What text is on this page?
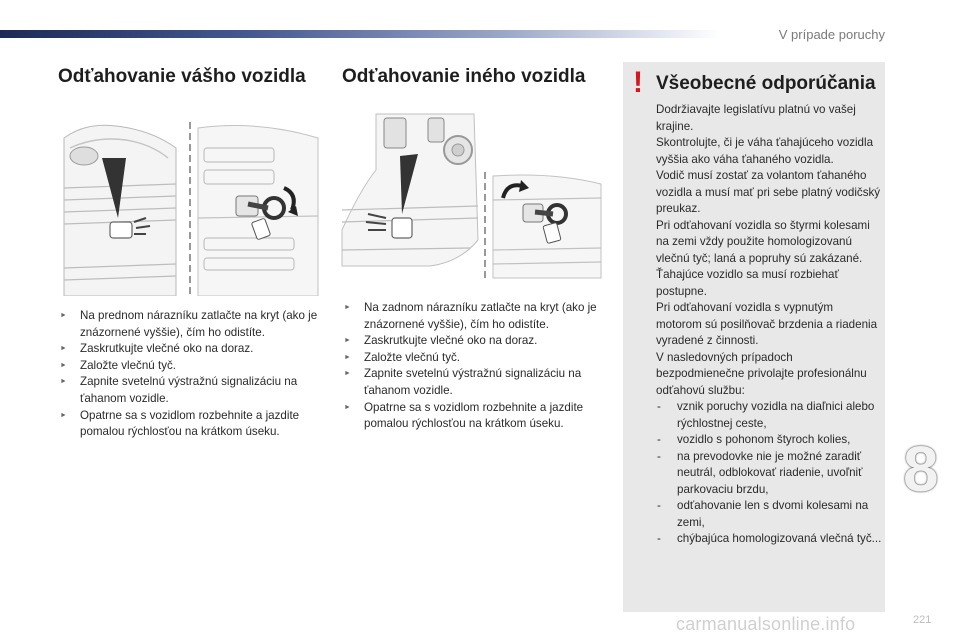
V prípade poruchy
Odťahovanie vášho vozidla
► Na prednom nárazníku zatlačte na kryt (ako je znázornené vyššie), čím ho odistíte.
► Zaskrutkujte vlečné oko na doraz.
► Založte vlečnú tyč.
► Zapnite svetelnú výstražnú signalizáciu na ťahanom vozidle.
► Opatrne sa s vozidlom rozbehnite a jazdite pomalou rýchlosťou na krátkom úseku.
Odťahovanie iného vozidla
► Na zadnom nárazníku zatlačte na kryt (ako je znázornené vyššie), čím ho odistíte.
► Zaskrutkujte vlečné oko na doraz.
► Založte vlečnú tyč.
► Zapnite svetelnú výstražnú signalizáciu na ťahanom vozidle.
► Opatrne sa s vozidlom rozbehnite a jazdite pomalou rýchlosťou na krátkom úseku.
! Všeobecné odporúčania
Dodržiavajte legislatívu platnú vo vašej krajine.
Skontrolujte, či je váha ťahajúceho vozidla vyššia ako váha ťahaného vozidla.
Vodič musí zostať za volantom ťahaného vozidla a musí mať pri sebe platný vodičský preukaz.
Pri odťahovaní vozidla so štyrmi kolesami na zemi vždy použite homologizovanú vlečnú tyč; laná a popruhy sú zakázané.
Ťahajúce vozidlo sa musí rozbiehať postupne.
Pri odťahovaní vozidla s vypnutým motorom sú posilňovač brzdenia a riadenia vyradené z činnosti.
V nasledovných prípadoch bezpodmienečne privolajte profesionálnu odťahovú službu:
- vznik poruchy vozidla na diaľnici alebo rýchlostnej ceste,
- vozidlo s pohonom štyroch kolies,
- na prevodovke nie je možné zaradiť neutrál, odblokovať riadenie, uvoľniť parkovaciu brzdu,
- odťahovanie len s dvomi kolesami na zemi,
- chýbajúca homologizovaná vlečná tyč...
8
221
carmanualsonline.info
